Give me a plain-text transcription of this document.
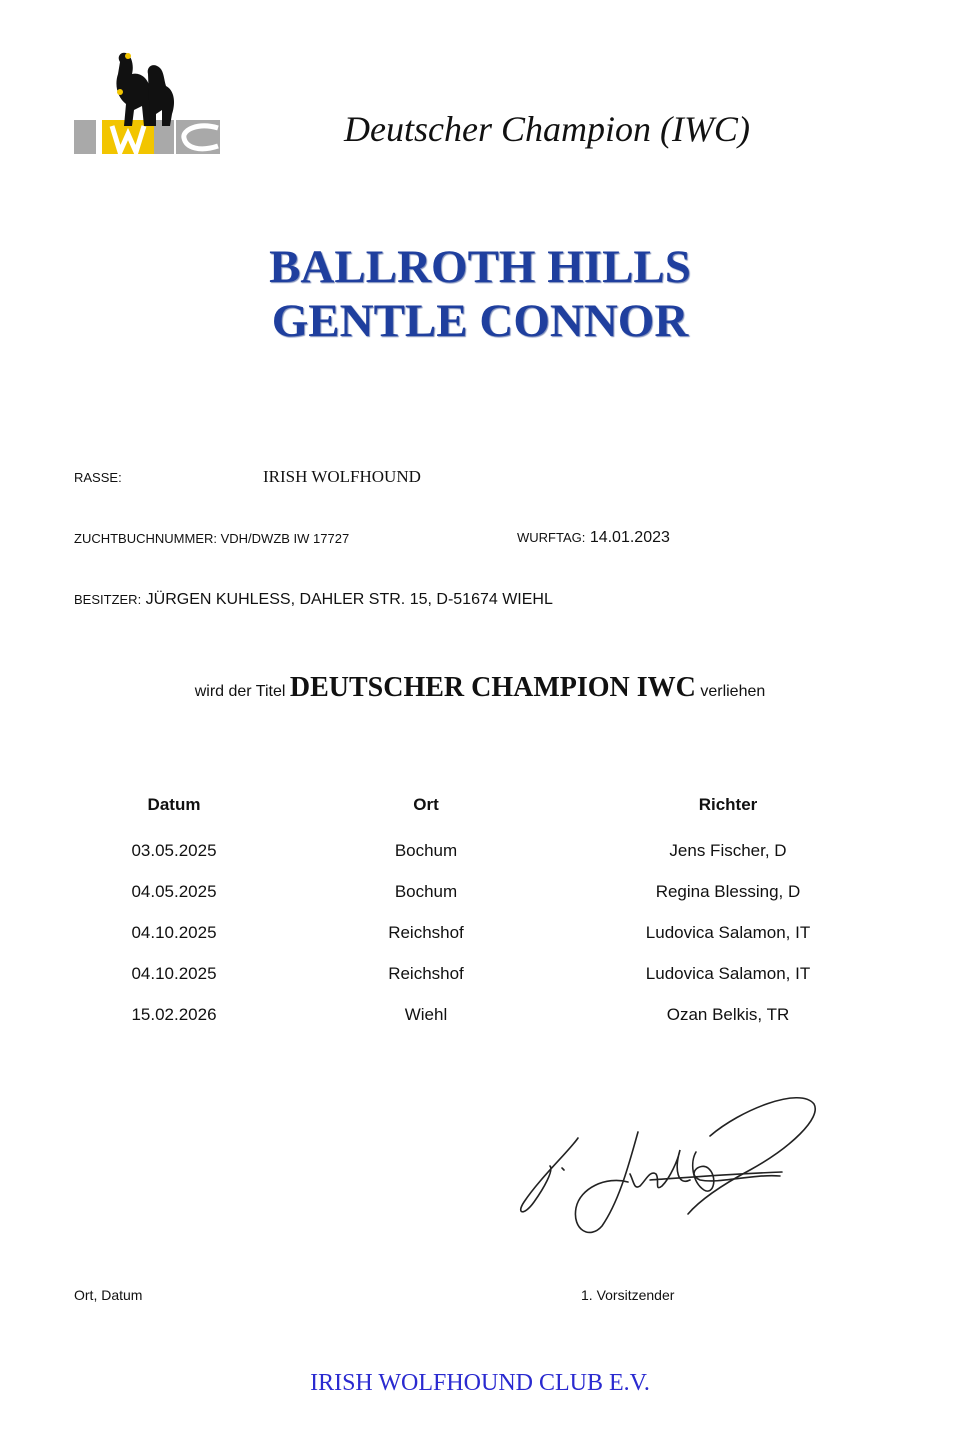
Deutscher Champion (IWC)
BALLROTH HILLS
GENTLE CONNOR
RASSE:	IRISH WOLFHOUND
ZUCHTBUCHNUMMER: VDH/DWZB IW 17727	WURFTAG: 14.01.2023
BESITZER: JÜRGEN KUHLESS, DAHLER STR. 15, D-51674 WIEHL
wird der Titel DEUTSCHER CHAMPION IWC verliehen
Datum	Ort	Richter
03.05.2025	Bochum	Jens Fischer, D
04.05.2025	Bochum	Regina Blessing, D
04.10.2025	Reichshof	Ludovica Salamon, IT
04.10.2025	Reichshof	Ludovica Salamon, IT
15.02.2026	Wiehl	Ozan Belkis, TR
Ort, Datum	1. Vorsitzender
IRISH WOLFHOUND CLUB E.V.
